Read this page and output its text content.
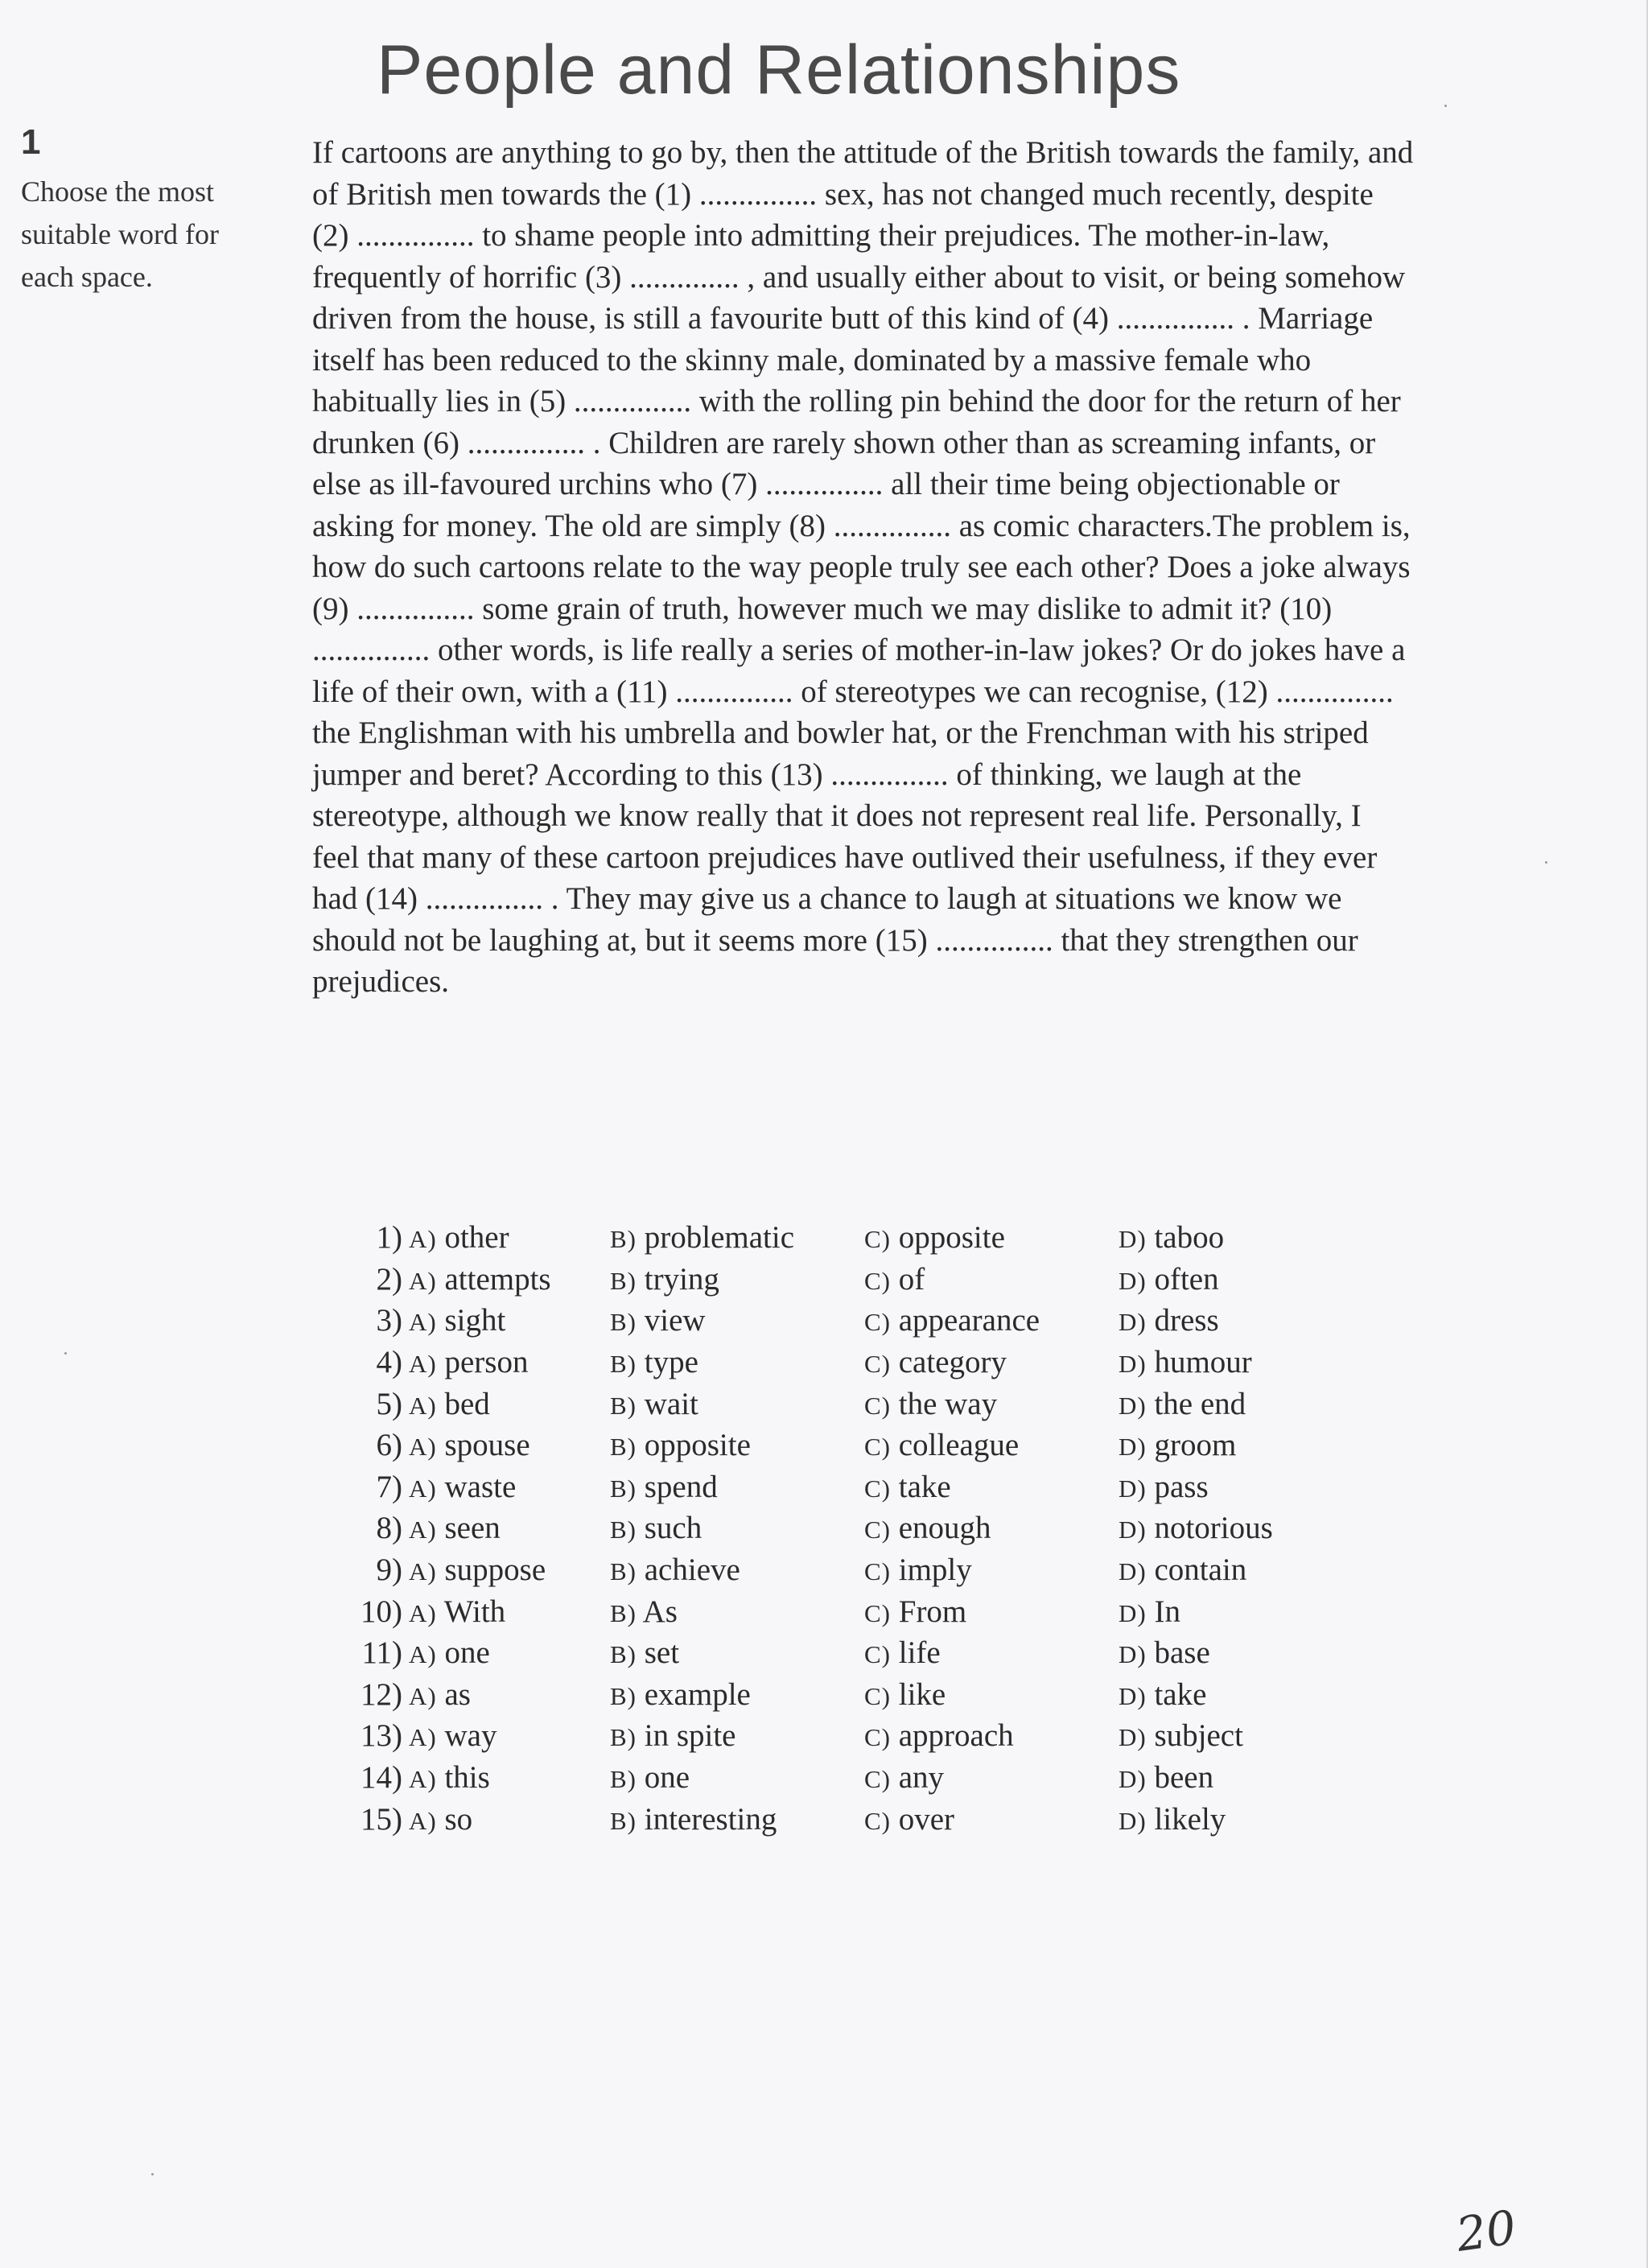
People and Relationships
1
Choose the most suitable word for each space.

If cartoons are anything to go by, then the attitude of the British towards the family, and of British men towards the (1) ............... sex, has not changed much recently, despite (2) ............... to shame people into admitting their prejudices. The mother-in-law, frequently of horrific (3) .............. , and usually either about to visit, or being somehow driven from the house, is still a favourite butt of this kind of (4) ............... . Marriage itself has been reduced to the skinny male, dominated by a massive female who habitually lies in (5) ............... with the rolling pin behind the door for the return of her drunken (6) ............... . Children are rarely shown other than as screaming infants, or else as ill-favoured urchins who (7) ............... all their time being objectionable or asking for money. The old are simply (8) ............... as comic characters.The problem is, how do such cartoons relate to the way people truly see each other? Does a joke always (9) ............... some grain of truth, however much we may dislike to admit it? (10) ............... other words, is life really a series of mother-in-law jokes? Or do jokes have a life of their own, with a (11) ............... of stereotypes we can recognise, (12) ............... the Englishman with his umbrella and bowler hat, or the Frenchman with his striped jumper and beret? According to this (13) ............... of thinking, we laugh at the stereotype, although we know really that it does not represent real life. Personally, I feel that many of these cartoon prejudices have outlived their usefulness, if they ever had (14) ............... . They may give us a chance to laugh at situations we know we should not be laughing at, but it seems more (15) ............... that they strengthen our prejudices.

1)	A) other	B) problematic	C) opposite	D) taboo
2)	A) attempts	B) trying	C) of	D) often
3)	A) sight	B) view	C) appearance	D) dress
4)	A) person	B) type	C) category	D) humour
5)	A) bed	B) wait	C) the way	D) the end
6)	A) spouse	B) opposite	C) colleague	D) groom
7)	A) waste	B) spend	C) take	D) pass
8)	A) seen	B) such	C) enough	D) notorious
9)	A) suppose	B) achieve	C) imply	D) contain
10)	A) With	B) As	C) From	D) In
11)	A) one	B) set	C) life	D) base
12)	A) as	B) example	C) like	D) take
13)	A) way	B) in spite	C) approach	D) subject
14)	A) this	B) one	C) any	D) been
15)	A) so	B) interesting	C) over	D) likely
20
